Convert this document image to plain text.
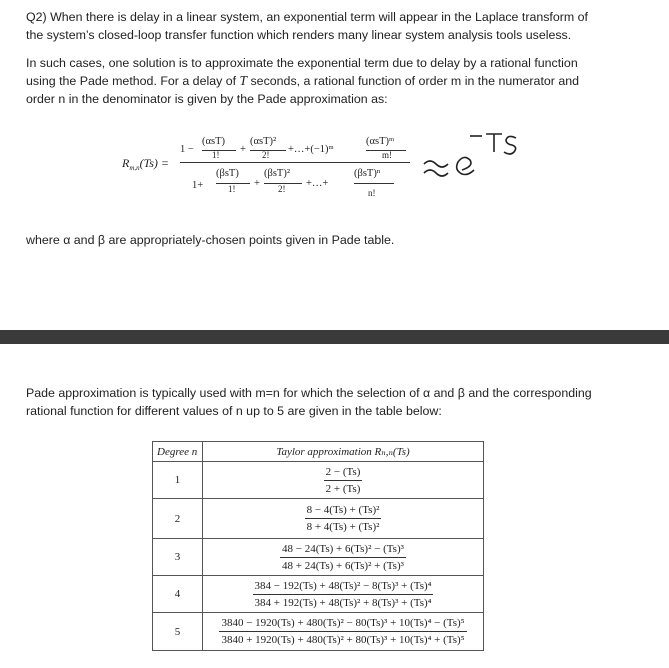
Q2) When there is delay in a linear system, an exponential term will appear in the Laplace transform of
the system’s closed-loop transfer function which renders many linear system analysis tools useless.

In such cases, one solution is to approximate the exponential term due to delay by a rational function
using the Pade method. For a delay of T seconds, a rational function of order m in the numerator and
order n in the denominator is given by the Pade approximation as:

$R_{m,n}(Ts)$ =
1 −
(αsT)
1! +
(αsT)²
2! +…+(−1)ᵐ
(αsT)ᵐ
m!
1+
(βsT)
1! +
(βsT)²
2! +…+
(βsT)ⁿ
n!

where α and β are appropriately-chosen points given in Pade table.

Pade approximation is typically used with m=n for which the selection of α and β and the corresponding
rational function for different values of n up to 5 are given in the table below:

Degree n	Taylor approximation Rₙ,ₙ(Ts)
1	$\frac{2 - (Ts)}{2 + (Ts)}$

2	$\frac{\text{8 − 4(Ts) + (Ts)²}}{\text{8 + 4(Ts) + (Ts)²}}$

3	$\frac{\text{48 − 24(Ts) + 6(Ts)² − (Ts)³}}{\text{48 + 24(Ts) + 6(Ts)² + (Ts)³}}$

4	$\frac{\text{384 − 192(Ts) + 48(Ts)² − 8(Ts)³ + (Ts)⁴}}{\text{384 + 192(Ts) + 48(Ts)² + 8(Ts)³ + (Ts)⁴}}$

5	$\frac{\text{3840 − 1920(Ts) + 480(Ts)² − 80(Ts)³ + 10(Ts)⁴ − (Ts)⁵}}{\text{3840 + 1920(Ts) + 480(Ts)² + 80(Ts)³ + 10(Ts)⁴ + (Ts)⁵}}$
